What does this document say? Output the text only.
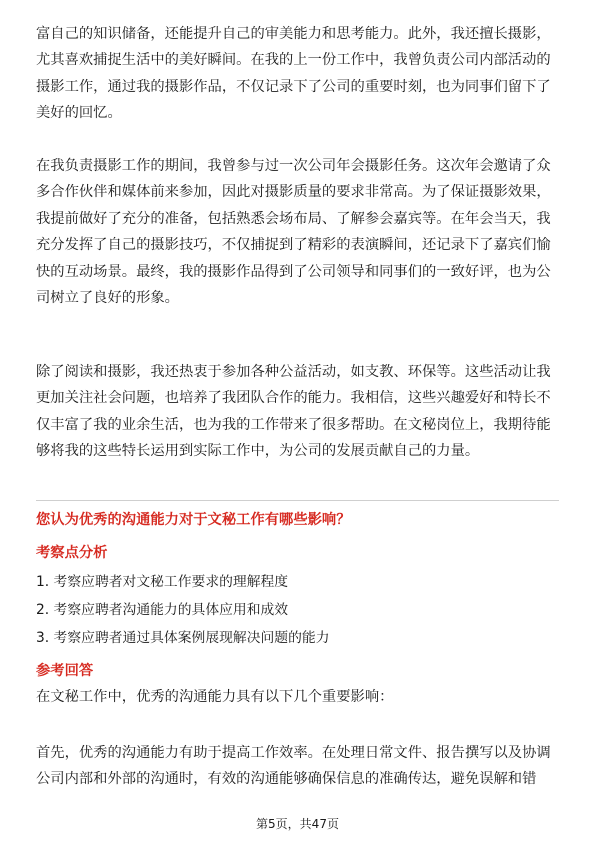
富自己的知识储备，还能提升自己的审美能力和思考能力。此外，我还擅长摄影，
尤其喜欢捕捉生活中的美好瞬间。在我的上一份工作中，我曾负责公司内部活动的
摄影工作，通过我的摄影作品，不仅记录下了公司的重要时刻，也为同事们留下了
美好的回忆。
在我负责摄影工作的期间，我曾参与过一次公司年会摄影任务。这次年会邀请了众
多合作伙伴和媒体前来参加，因此对摄影质量的要求非常高。为了保证摄影效果，
我提前做好了充分的准备，包括熟悉会场布局、了解参会嘉宾等。在年会当天，我
充分发挥了自己的摄影技巧，不仅捕捉到了精彩的表演瞬间，还记录下了嘉宾们愉
快的互动场景。最终，我的摄影作品得到了公司领导和同事们的一致好评，也为公
司树立了良好的形象。
除了阅读和摄影，我还热衷于参加各种公益活动，如支教、环保等。这些活动让我
更加关注社会问题，也培养了我团队合作的能力。我相信，这些兴趣爱好和特长不
仅丰富了我的业余生活，也为我的工作带来了很多帮助。在文秘岗位上，我期待能
够将我的这些特长运用到实际工作中，为公司的发展贡献自己的力量。
您认为优秀的沟通能力对于文秘工作有哪些影响？
考察点分析
1. 考察应聘者对文秘工作要求的理解程度
2. 考察应聘者沟通能力的具体应用和成效
3. 考察应聘者通过具体案例展现解决问题的能力
参考回答
在文秘工作中，优秀的沟通能力具有以下几个重要影响：
首先，优秀的沟通能力有助于提高工作效率。在处理日常文件、报告撰写以及协调
公司内部和外部的沟通时，有效的沟通能够确保信息的准确传达，避免误解和错
第5页，共47页
